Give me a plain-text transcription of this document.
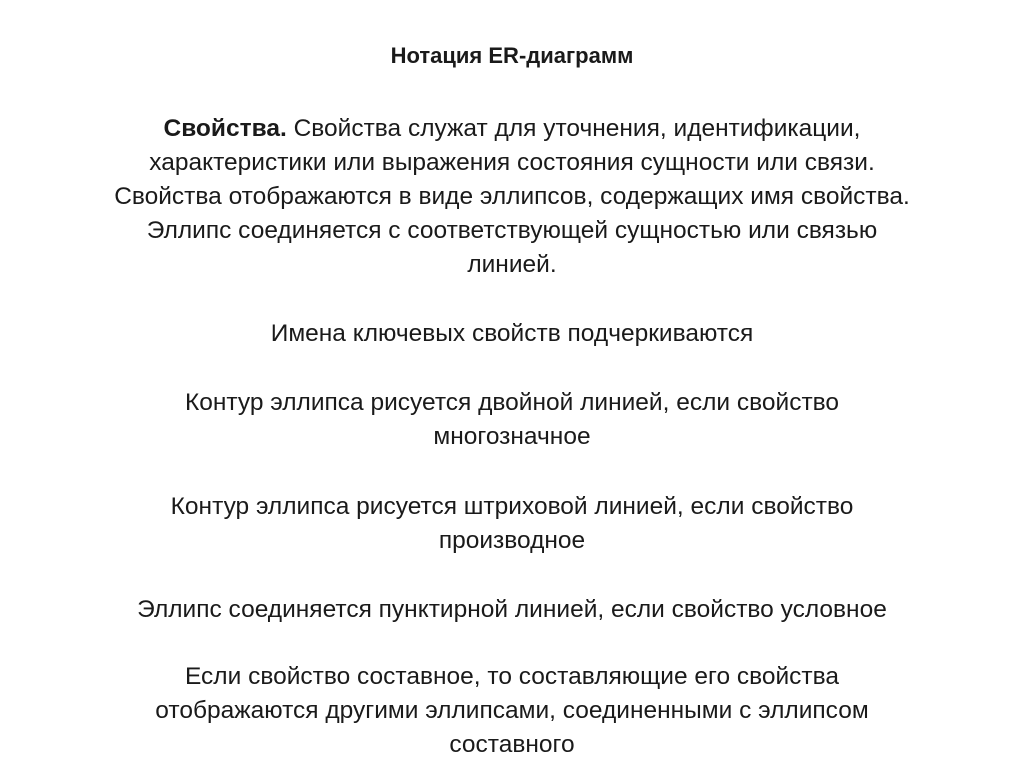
Нотация ER-диаграмм

Свойства. Свойства служат для уточнения, идентификации,
характеристики или выражения состояния сущности или связи.
Свойства отображаются в виде эллипсов, содержащих имя свойства.
Эллипс соединяется с соответствующей сущностью или связью
линией.

Имена ключевых свойств подчеркиваются

Контур эллипса рисуется двойной линией, если свойство
многозначное

Контур эллипса рисуется штриховой линией, если свойство
производное

Эллипс соединяется пунктирной линией, если свойство условное

Если свойство составное, то составляющие его свойства
отображаются другими эллипсами, соединенными с эллипсом
составного
